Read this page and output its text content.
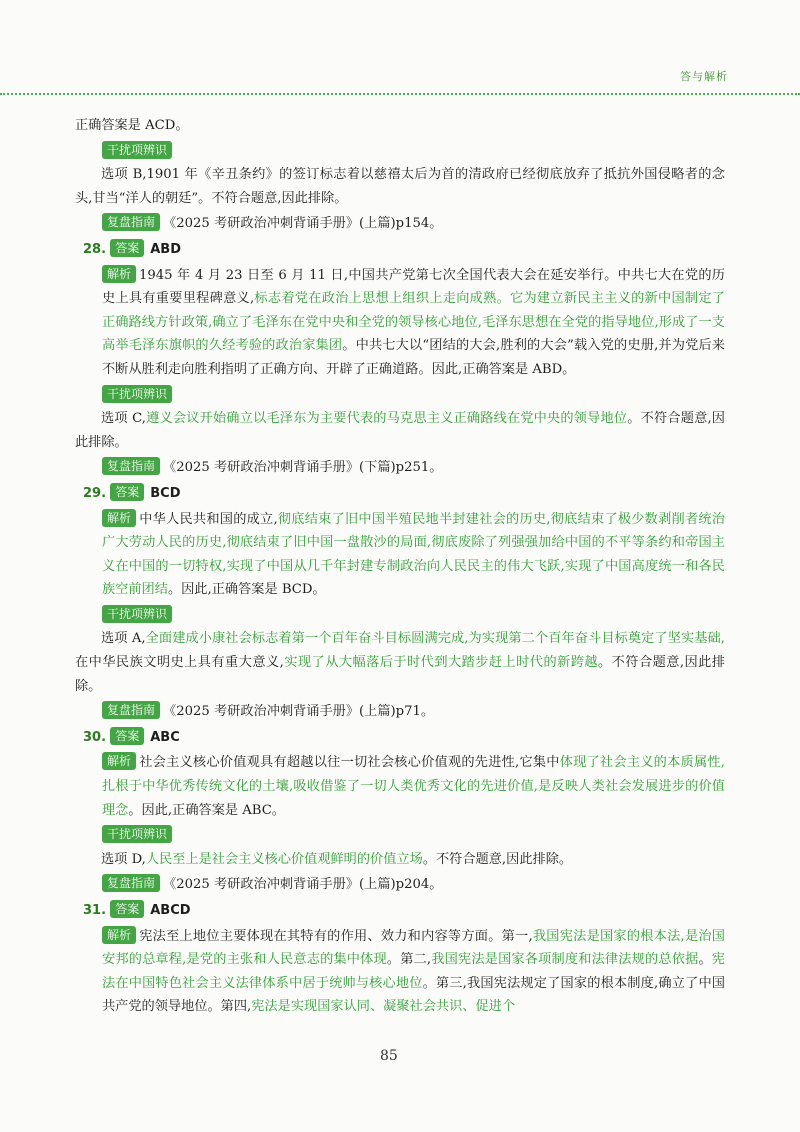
答与解析

正确答案是 ACD。

干扰项辨识

选项 B,1901 年《辛丑条约》的签订标志着以慈禧太后为首的清政府已经彻底放弃了抵抗外国侵略者的念头,甘当“洋人的朝廷”。不符合题意,因此排除。

复盘指南 《2025 考研政治冲刺背诵手册》(上篇)p154。

28. 答案 ABD

解析 1945 年 4 月 23 日至 6 月 11 日,中国共产党第七次全国代表大会在延安举行。中共七大在党的历史上具有重要里程碑意义,标志着党在政治上思想上组织上走向成熟。它为建立新民主主义的新中国制定了正确路线方针政策,确立了毛泽东在党中央和全党的领导核心地位,毛泽东思想在全党的指导地位,形成了一支高举毛泽东旗帜的久经考验的政治家集团。中共七大以“团结的大会,胜利的大会”载入党的史册,并为党后来不断从胜利走向胜利指明了正确方向、开辟了正确道路。因此,正确答案是 ABD。

干扰项辨识

选项 C,遵义会议开始确立以毛泽东为主要代表的马克思主义正确路线在党中央的领导地位。不符合题意,因此排除。

复盘指南 《2025 考研政治冲刺背诵手册》(下篇)p251。

29. 答案 BCD

解析 中华人民共和国的成立,彻底结束了旧中国半殖民地半封建社会的历史,彻底结束了极少数剥削者统治广大劳动人民的历史,彻底结束了旧中国一盘散沙的局面,彻底废除了列强强加给中国的不平等条约和帝国主义在中国的一切特权,实现了中国从几千年封建专制政治向人民民主的伟大飞跃,实现了中国高度统一和各民族空前团结。因此,正确答案是 BCD。

干扰项辨识

选项 A,全面建成小康社会标志着第一个百年奋斗目标圆满完成,为实现第二个百年奋斗目标奠定了坚实基础,在中华民族文明史上具有重大意义,实现了从大幅落后于时代到大踏步赶上时代的新跨越。不符合题意,因此排除。

复盘指南 《2025 考研政治冲刺背诵手册》(上篇)p71。

30. 答案 ABC

解析 社会主义核心价值观具有超越以往一切社会核心价值观的先进性,它集中体现了社会主义的本质属性,扎根于中华优秀传统文化的土壤,吸收借鉴了一切人类优秀文化的先进价值,是反映人类社会发展进步的价值理念。因此,正确答案是 ABC。

干扰项辨识

选项 D,人民至上是社会主义核心价值观鲜明的价值立场。不符合题意,因此排除。

复盘指南 《2025 考研政治冲刺背诵手册》(上篇)p204。

31. 答案 ABCD

解析 宪法至上地位主要体现在其特有的作用、效力和内容等方面。第一,我国宪法是国家的根本法,是治国安邦的总章程,是党的主张和人民意志的集中体现。第二,我国宪法是国家各项制度和法律法规的总依据。宪法在中国特色社会主义法律体系中居于统帅与核心地位。第三,我国宪法规定了国家的根本制度,确立了中国共产党的领导地位。第四,宪法是实现国家认同、凝聚社会共识、促进个

85
